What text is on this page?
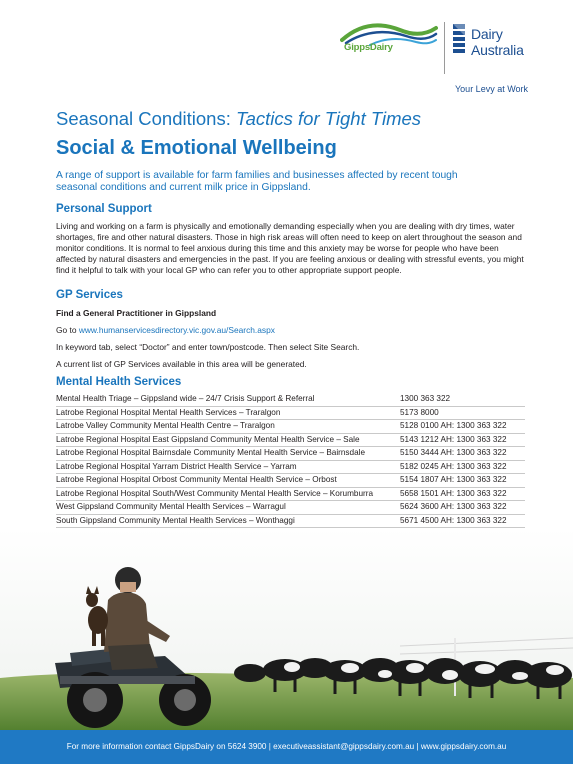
GippsDairy
Dairy
Australia
Your Levy at Work
Seasonal Conditions: Tactics for Tight Times
Social & Emotional Wellbeing
A range of support is available for farm families and businesses affected by recent tough seasonal conditions and current milk price in Gippsland.
Personal Support
Living and working on a farm is physically and emotionally demanding especially when you are dealing with dry times, water shortages, fire and other natural disasters. Those in high risk areas will often need to keep on alert throughout the season and monitor conditions. It is normal to feel anxious during this time and this anxiety may be worse for people who have been affected by natural disasters and emergencies in the past. If you are feeling anxious or dealing with stressful events, you might find it helpful to talk with your local GP who can refer you to other appropriate support people.
GP Services
Find a General Practitioner in Gippsland
Go to www.humanservicesdirectory.vic.gov.au/Search.aspx
In keyword tab, select “Doctor” and enter town/postcode. Then select Site Search.
A current list of GP Services available in this area will be generated.
Mental Health Services
Mental Health Triage – Gippsland wide – 24/7 Crisis Support & Referral	1300 363 322
Latrobe Regional Hospital Mental Health Services – Traralgon	5173 8000
Latrobe Valley Community Mental Health Centre – Traralgon	5128 0100 AH: 1300 363 322
Latrobe Regional Hospital East Gippsland Community Mental Health Service – Sale	5143 1212 AH: 1300 363 322
Latrobe Regional Hospital Bairnsdale Community Mental Health Service – Bairnsdale	5150 3444 AH: 1300 363 322
Latrobe Regional Hospital Yarram District Health Service – Yarram	5182 0245 AH: 1300 363 322
Latrobe Regional Hospital Orbost Community Mental Health Service – Orbost	5154 1807 AH: 1300 363 322
Latrobe Regional Hospital South/West Community Mental Health Service – Korumburra	5658 1501 AH: 1300 363 322
West Gippsland Community Mental Health Services – Warragul	5624 3600 AH: 1300 363 322
South Gippsland Community Mental Health Services – Wonthaggi	5671 4500 AH: 1300 363 322
For more information contact GippsDairy on 5624 3900 | executiveassistant@gippsdairy.com.au | www.gippsdairy.com.au
